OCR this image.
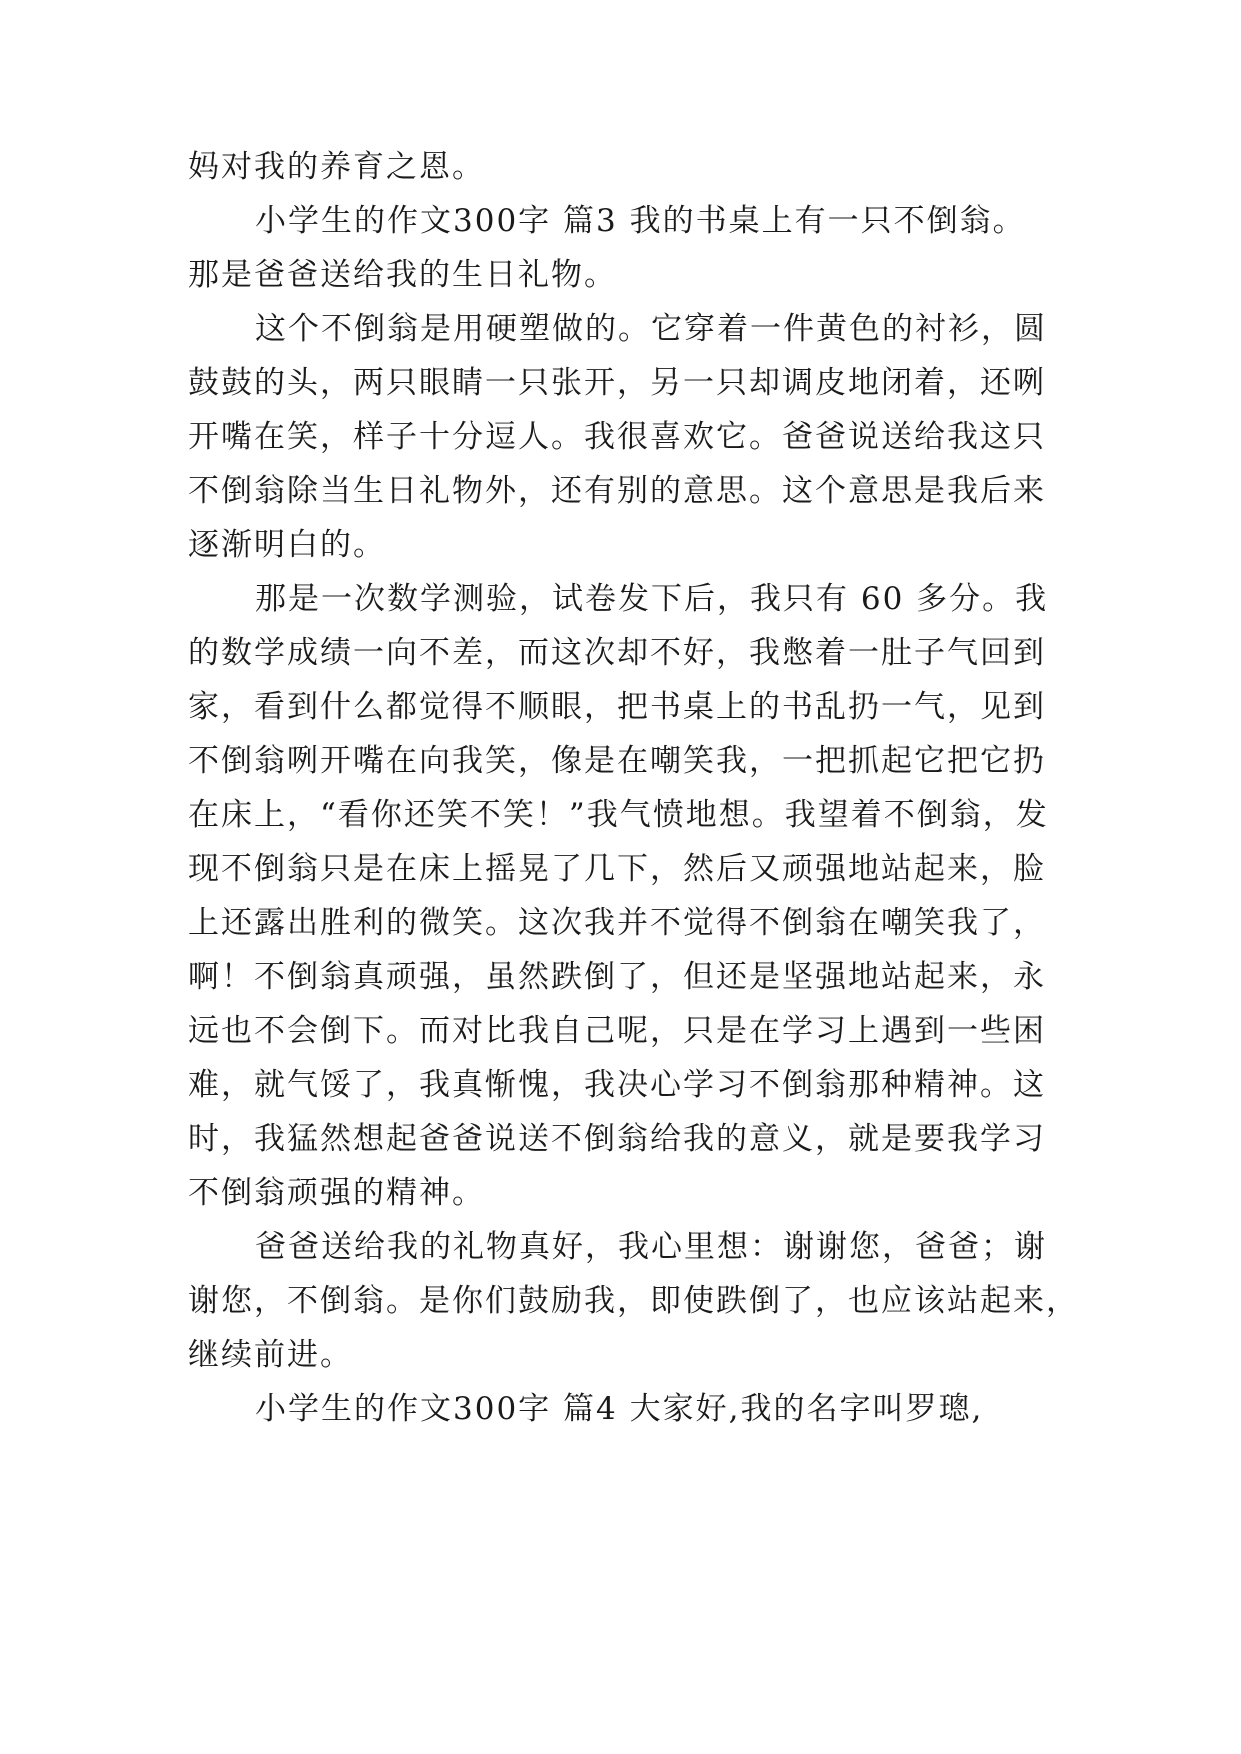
妈对我的养育之恩。
小学生的作文300字 篇3 我的书桌上有一只不倒翁。
那是爸爸送给我的生日礼物。
这个不倒翁是用硬塑做的。它穿着一件黄色的衬衫，圆
鼓鼓的头，两只眼睛一只张开，另一只却调皮地闭着，还咧
开嘴在笑，样子十分逗人。我很喜欢它。爸爸说送给我这只
不倒翁除当生日礼物外，还有别的意思。这个意思是我后来
逐渐明白的。
那是一次数学测验，试卷发下后，我只有 60 多分。我
的数学成绩一向不差，而这次却不好，我憋着一肚子气回到
家，看到什么都觉得不顺眼，把书桌上的书乱扔一气，见到
不倒翁咧开嘴在向我笑，像是在嘲笑我，一把抓起它把它扔
在床上，“看你还笑不笑！”我气愤地想。我望着不倒翁，发
现不倒翁只是在床上摇晃了几下，然后又顽强地站起来，脸
上还露出胜利的微笑。这次我并不觉得不倒翁在嘲笑我了，
啊！不倒翁真顽强，虽然跌倒了，但还是坚强地站起来，永
远也不会倒下。而对比我自己呢，只是在学习上遇到一些困
难，就气馁了，我真惭愧，我决心学习不倒翁那种精神。这
时，我猛然想起爸爸说送不倒翁给我的意义，就是要我学习
不倒翁顽强的精神。
爸爸送给我的礼物真好，我心里想：谢谢您，爸爸；谢
谢您，不倒翁。是你们鼓励我，即使跌倒了，也应该站起来，
继续前进。
小学生的作文300字 篇4 大家好,我的名字叫罗璁,
